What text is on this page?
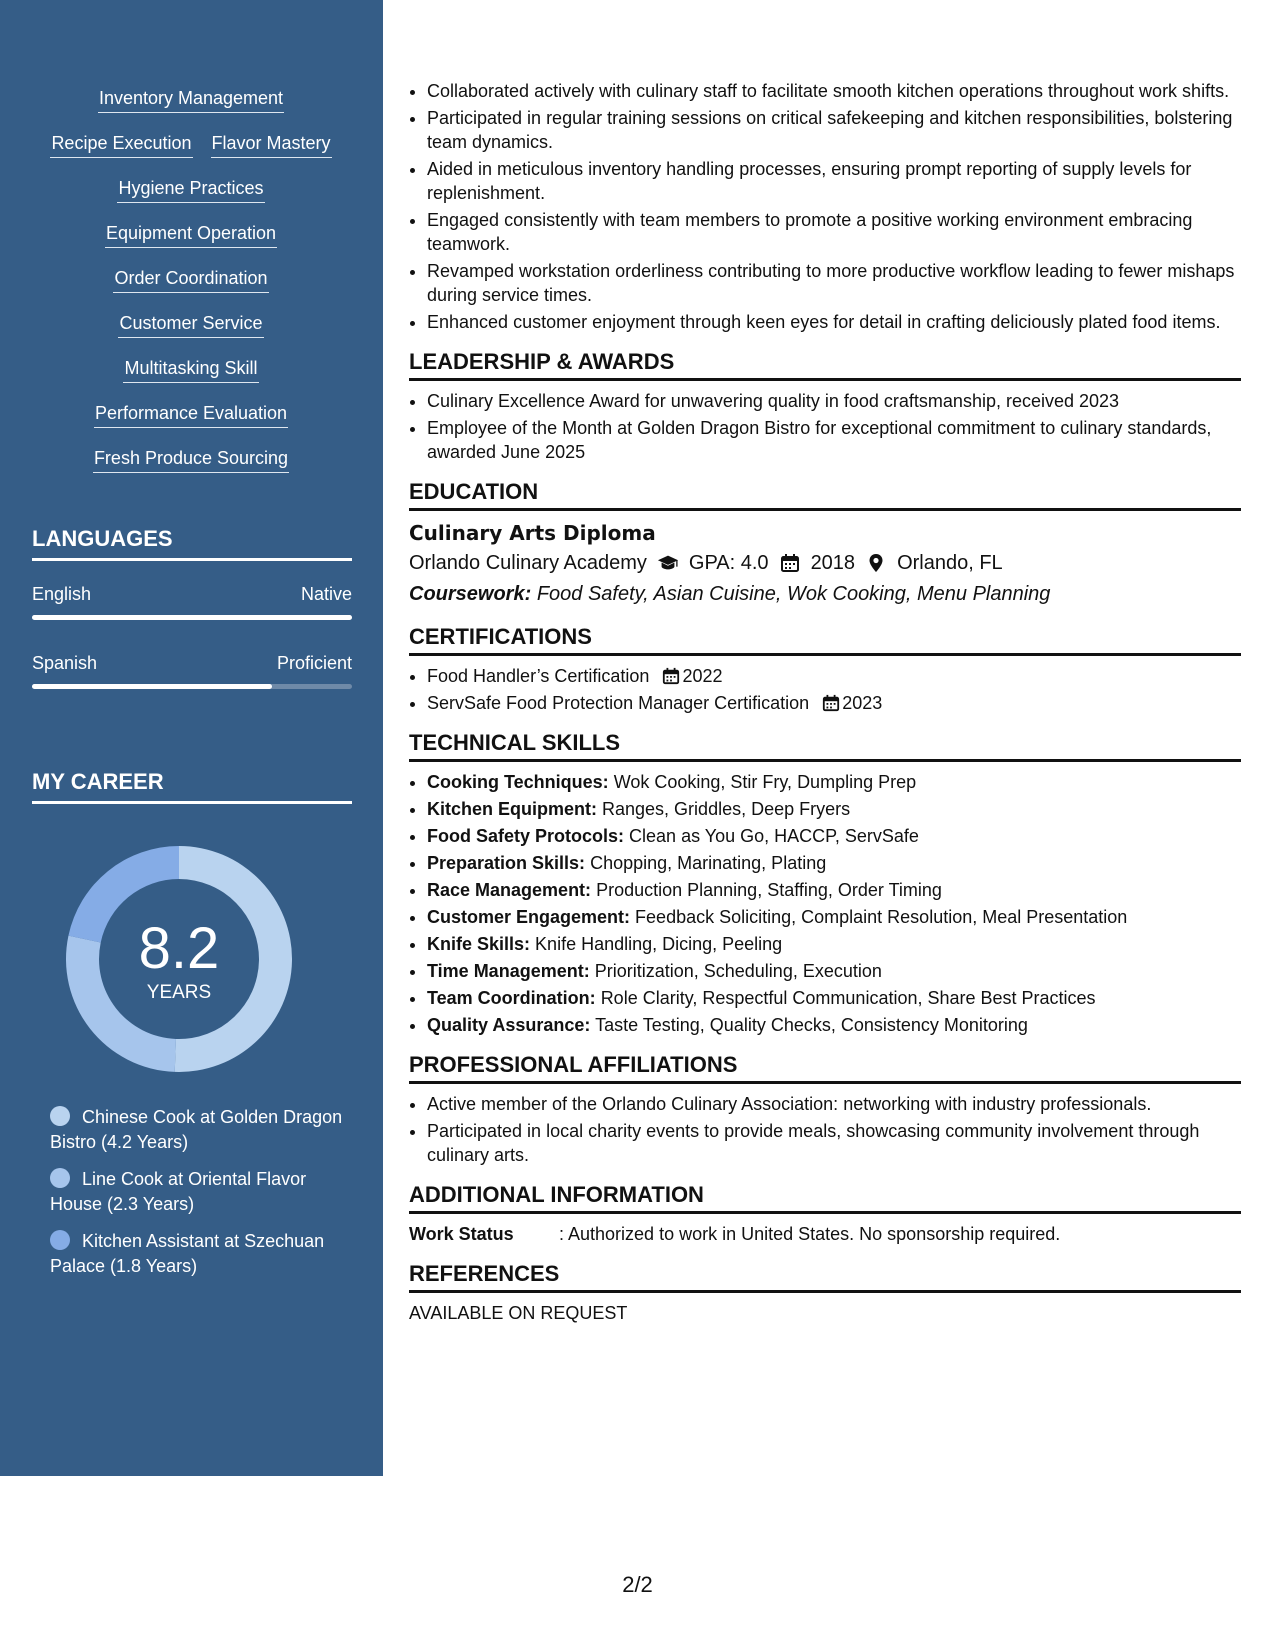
Inventory Management
Recipe Execution Flavor Mastery
Hygiene Practices
Equipment Operation
Order Coordination
Customer Service
Multitasking Skill
Performance Evaluation
Fresh Produce Sourcing
LANGUAGES
English	Native
Spanish	Proficient
MY CAREER
8.2
YEARS
Chinese Cook at Golden Dragon Bistro (4.2 Years)
Line Cook at Oriental Flavor House (2.3 Years)
Kitchen Assistant at Szechuan Palace (1.8 Years)
• Collaborated actively with culinary staff to facilitate smooth kitchen operations throughout work shifts.
• Participated in regular training sessions on critical safekeeping and kitchen responsibilities, bolstering team dynamics.
• Aided in meticulous inventory handling processes, ensuring prompt reporting of supply levels for replenishment.
• Engaged consistently with team members to promote a positive working environment embracing teamwork.
• Revamped workstation orderliness contributing to more productive workflow leading to fewer mishaps during service times.
• Enhanced customer enjoyment through keen eyes for detail in crafting deliciously plated food items.
LEADERSHIP & AWARDS
• Culinary Excellence Award for unwavering quality in food craftsmanship, received 2023
• Employee of the Month at Golden Dragon Bistro for exceptional commitment to culinary standards, awarded June 2025
EDUCATION
Culinary Arts Diploma
Orlando Culinary Academy GPA: 4.0 2018 Orlando, FL
Coursework: Food Safety, Asian Cuisine, Wok Cooking, Menu Planning
CERTIFICATIONS
• Food Handler’s Certification 2022
• ServSafe Food Protection Manager Certification 2023
TECHNICAL SKILLS
• Cooking Techniques: Wok Cooking, Stir Fry, Dumpling Prep
• Kitchen Equipment: Ranges, Griddles, Deep Fryers
• Food Safety Protocols: Clean as You Go, HACCP, ServSafe
• Preparation Skills: Chopping, Marinating, Plating
• Race Management: Production Planning, Staffing, Order Timing
• Customer Engagement: Feedback Soliciting, Complaint Resolution, Meal Presentation
• Knife Skills: Knife Handling, Dicing, Peeling
• Time Management: Prioritization, Scheduling, Execution
• Team Coordination: Role Clarity, Respectful Communication, Share Best Practices
• Quality Assurance: Taste Testing, Quality Checks, Consistency Monitoring
PROFESSIONAL AFFILIATIONS
• Active member of the Orlando Culinary Association: networking with industry professionals.
• Participated in local charity events to provide meals, showcasing community involvement through culinary arts.
ADDITIONAL INFORMATION
Work Status	: Authorized to work in United States. No sponsorship required.
REFERENCES
AVAILABLE ON REQUEST
2/2
